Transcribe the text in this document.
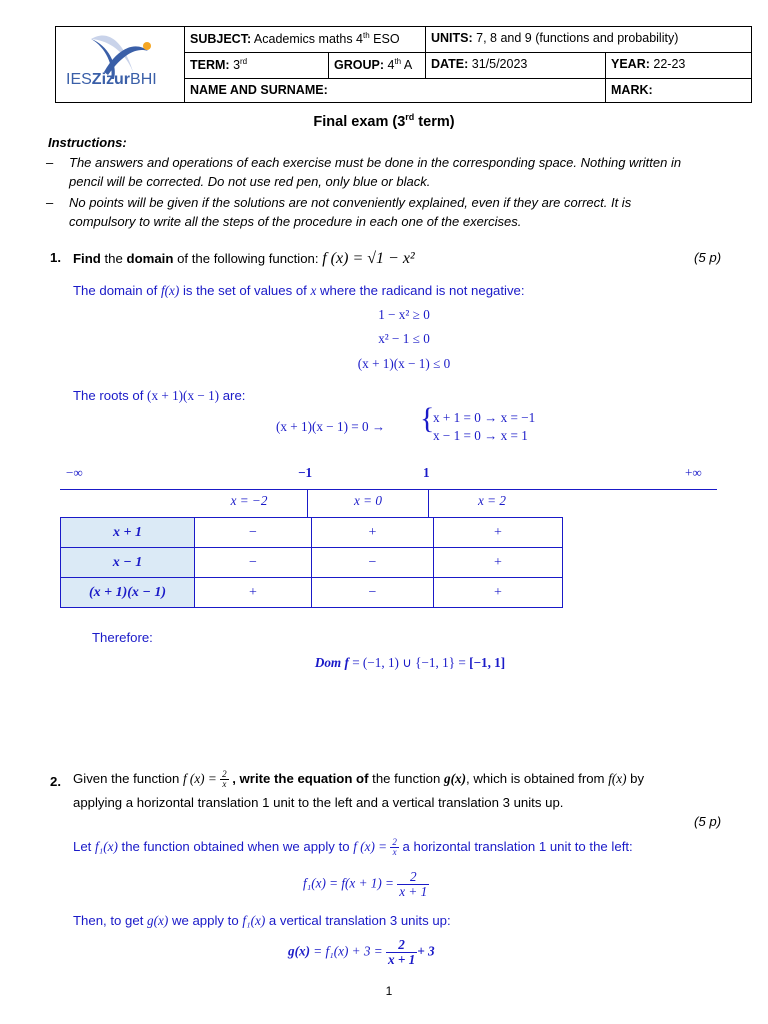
IESZizurBHI
SUBJECT: Academics maths 4th ESO	UNITS: 7, 8 and 9 (functions and probability)
TERM: 3rd	GROUP: 4th A	DATE: 31/5/2023	YEAR: 22-23
NAME AND SURNAME:	MARK:
Final exam (3rd term)
Instructions:
– The answers and operations of each exercise must be done in the corresponding space. Nothing written in
pencil will be corrected. Do not use red pen, only blue or black.
– No points will be given if the solutions are not conveniently explained, even if they are correct. It is
compulsory to write all the steps of the procedure in each one of the exercises.
1. Find the domain of the following function: f (x) = √1 − x²	(5 p)
The domain of f(x) is the set of values of x where the radicand is not negative:
1 − x² ≥ 0
x² − 1 ≤ 0
(x + 1)(x − 1) ≤ 0
The roots of (x + 1)(x − 1) are:
(x + 1)(x − 1) = 0 → {
x + 1 = 0 → x = −1
x − 1 = 0 → x = 1
−∞	−1	1	+∞
x = −2	x = 0	x = 2
x + 1	−	+	+
x − 1	−	−	+
(x + 1)(x − 1)	+	−	+
Therefore:
Dom f = (−1, 1) ∪ {−1, 1} = [−1, 1]
2. Given the function f $(x) = \frac{2}{x}$ , write the equation of the function g(x), which is obtained from f(x) by
applying a horizontal translation 1 unit to the left and a vertical translation 3 units up.
(5 p)
Let f₁(x) the function obtained when we apply to f $(x) = \frac{2}{x}$ a horizontal translation 1 unit to the left:
$f_1(x) = f(x + 1) = \frac{2}{x + 1}$
Then, to get g(x) we apply to f₁(x) a vertical translation 3 units up:
$g(x) = f_1(x) + 3 = \frac{2}{x + 1} + 3$
1
